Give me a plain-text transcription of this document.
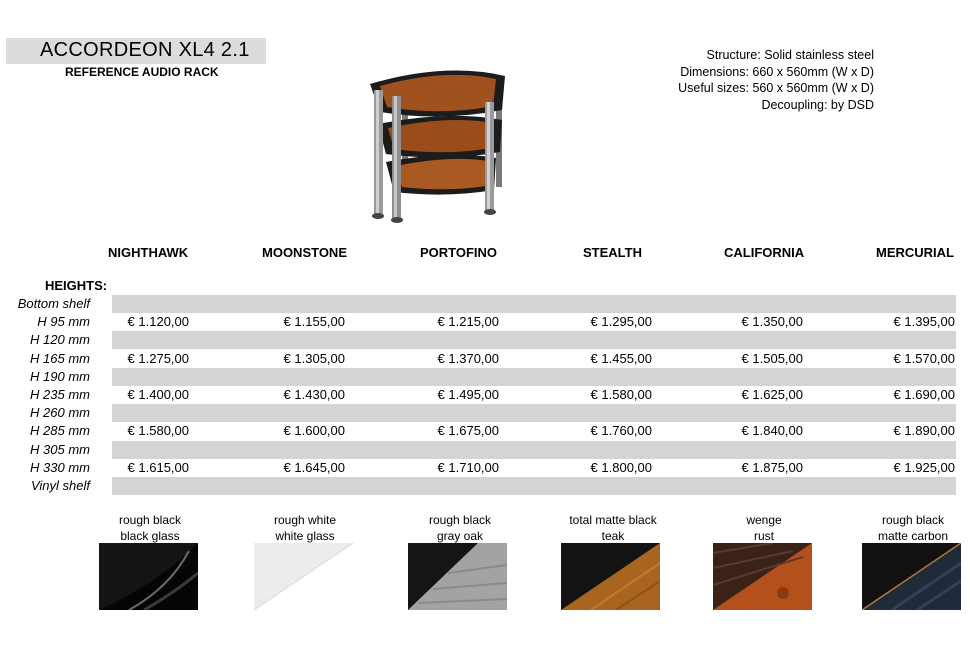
ACCORDEON XL4 2.1
REFERENCE AUDIO RACK
Structure: Solid stainless steel
Dimensions: 660 x 560mm (W x D)
Useful sizes: 560 x 560mm (W x D)
Decoupling: by DSD
NIGHTHAWK	MOONSTONE	PORTOFINO	STEALTH	CALIFORNIA	MERCURIAL
HEIGHTS:
Bottom shelf
H 95 mm	€ 1.120,00	€ 1.155,00	€ 1.215,00	€ 1.295,00	€ 1.350,00	€ 1.395,00
H 120 mm
H 165 mm	€ 1.275,00	€ 1.305,00	€ 1.370,00	€ 1.455,00	€ 1.505,00	€ 1.570,00
H 190 mm
H 235 mm	€ 1.400,00	€ 1.430,00	€ 1.495,00	€ 1.580,00	€ 1.625,00	€ 1.690,00
H 260 mm
H 285 mm	€ 1.580,00	€ 1.600,00	€ 1.675,00	€ 1.760,00	€ 1.840,00	€ 1.890,00
H 305 mm
H 330 mm	€ 1.615,00	€ 1.645,00	€ 1.710,00	€ 1.800,00	€ 1.875,00	€ 1.925,00
Vinyl shelf
rough black
black glass
rough white
white glass
rough black
gray oak
total matte black
teak
wenge
rust
rough black
matte carbon
